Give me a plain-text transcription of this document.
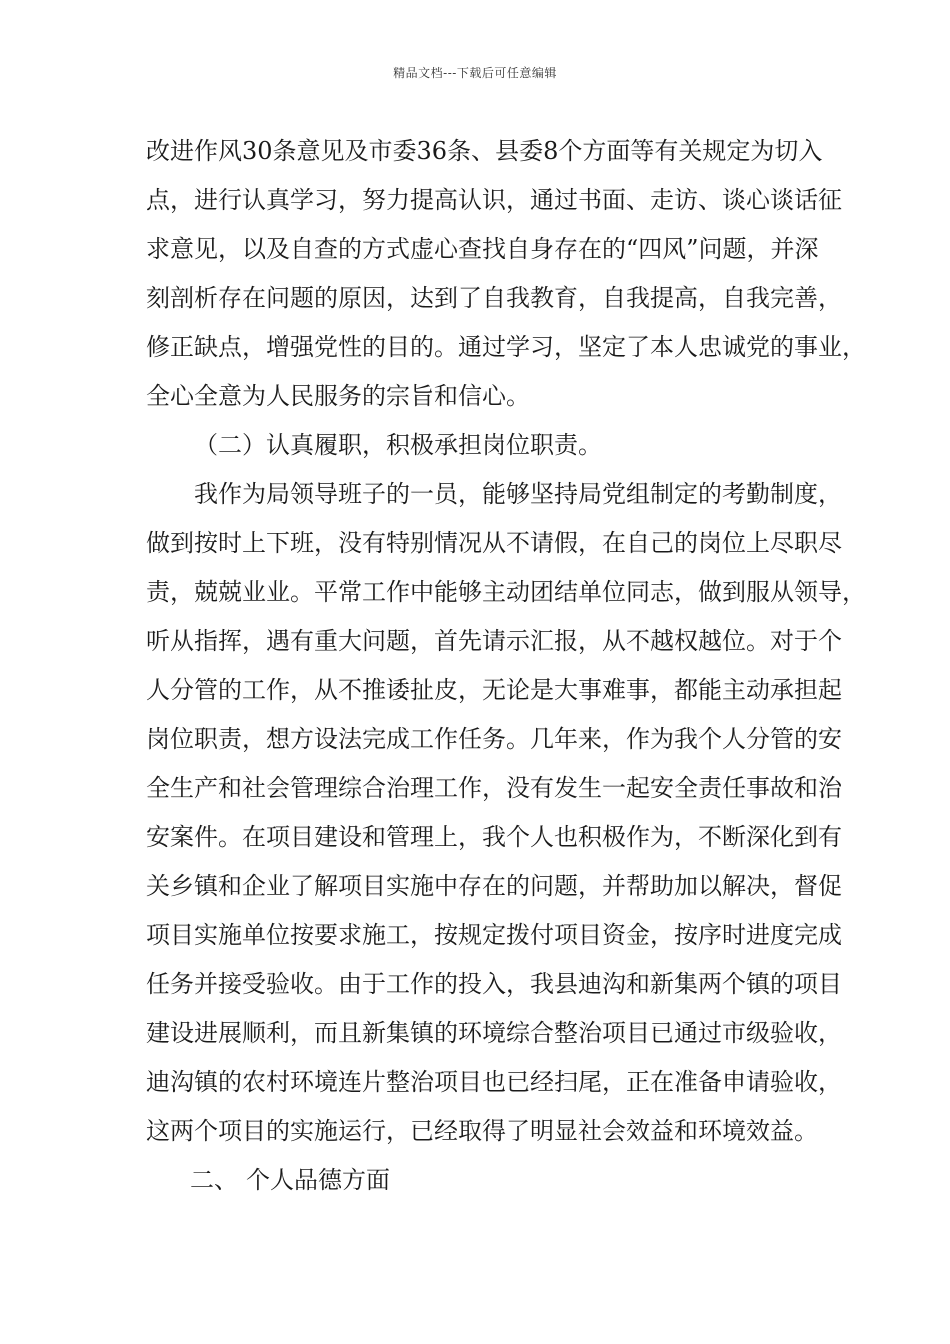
精品文档---下载后可任意编辑
改进作风30条意见及市委36条、县委8个方面等有关规定为切入
点，进行认真学习，努力提高认识，通过书面、走访、谈心谈话征
求意见，以及自查的方式虚心查找自身存在的“四风”问题，并深
刻剖析存在问题的原因，达到了自我教育，自我提高，自我完善，
修正缺点，增强党性的目的。通过学习，坚定了本人忠诚党的事业，
全心全意为人民服务的宗旨和信心。
（二）认真履职，积极承担岗位职责。
我作为局领导班子的一员，能够坚持局党组制定的考勤制度，
做到按时上下班，没有特别情况从不请假，在自己的岗位上尽职尽
责，兢兢业业。平常工作中能够主动团结单位同志，做到服从领导，
听从指挥，遇有重大问题，首先请示汇报，从不越权越位。对于个
人分管的工作，从不推诿扯皮，无论是大事难事，都能主动承担起
岗位职责，想方设法完成工作任务。几年来，作为我个人分管的安
全生产和社会管理综合治理工作，没有发生一起安全责任事故和治
安案件。在项目建设和管理上，我个人也积极作为，不断深化到有
关乡镇和企业了解项目实施中存在的问题，并帮助加以解决，督促
项目实施单位按要求施工，按规定拨付项目资金，按序时进度完成
任务并接受验收。由于工作的投入，我县迪沟和新集两个镇的项目
建设进展顺利，而且新集镇的环境综合整治项目已通过市级验收，
迪沟镇的农村环境连片整治项目也已经扫尾，正在准备申请验收，
这两个项目的实施运行，已经取得了明显社会效益和环境效益。
二、 个人品德方面
